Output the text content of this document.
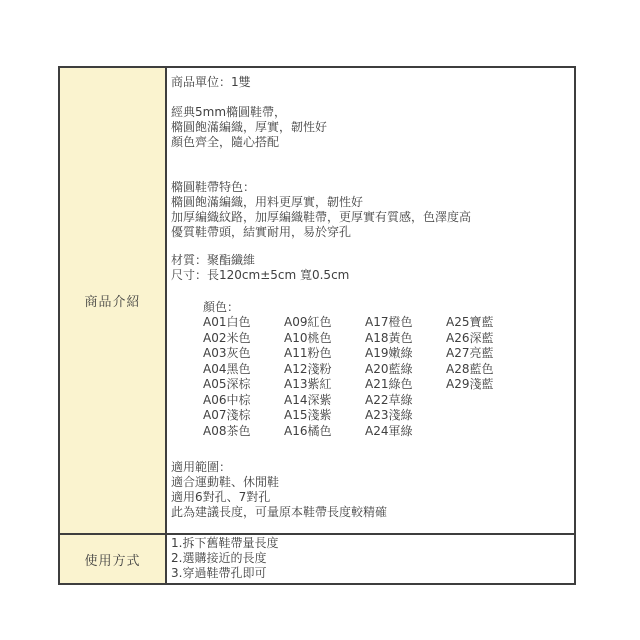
商品介紹
商品單位：1雙
經典5mm橢圓鞋帶，
橢圓飽滿編織，厚實，韌性好
顏色齊全，隨心搭配
橢圓鞋帶特色：
橢圓飽滿編織，用料更厚實，韌性好
加厚編織紋路，加厚編織鞋帶，更厚實有質感，色澤度高
優質鞋帶頭，結實耐用，易於穿孔
材質：聚酯纖維
尺寸：長120cm±5cm 寬0.5cm
顏色：
A01白色
A02米色
A03灰色
A04黑色
A05深棕
A06中棕
A07淺棕
A08茶色
A09紅色
A10桃色
A11粉色
A12淺粉
A13紫紅
A14深紫
A15淺紫
A16橘色
A17橙色
A18黃色
A19嫩綠
A20藍綠
A21綠色
A22草綠
A23淺綠
A24軍綠
A25寶藍
A26深藍
A27亮藍
A28藍色
A29淺藍
適用範圍：
適合運動鞋、休閒鞋
適用6對孔、7對孔
此為建議長度，可量原本鞋帶長度較精確
使用方式
1.拆下舊鞋帶量長度
2.選購接近的長度
3.穿過鞋帶孔即可
